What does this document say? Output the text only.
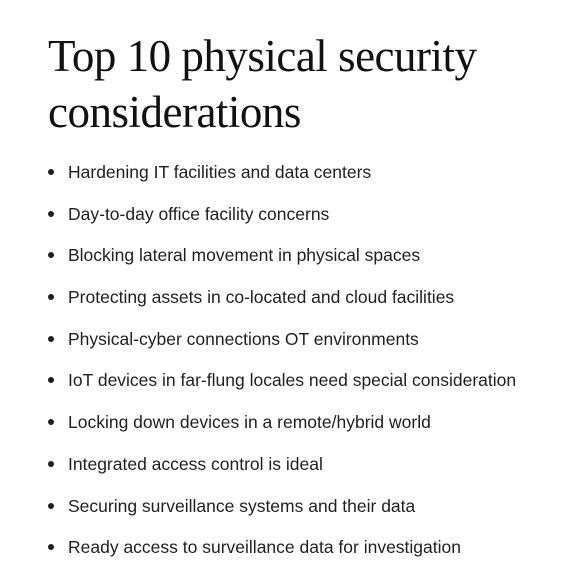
Top 10 physical security
considerations
Hardening IT facilities and data centers
Day-to-day office facility concerns
Blocking lateral movement in physical spaces
Protecting assets in co-located and cloud facilities
Physical-cyber connections OT environments
IoT devices in far-flung locales need special consideration
Locking down devices in a remote/hybrid world
Integrated access control is ideal
Securing surveillance systems and their data
Ready access to surveillance data for investigation
